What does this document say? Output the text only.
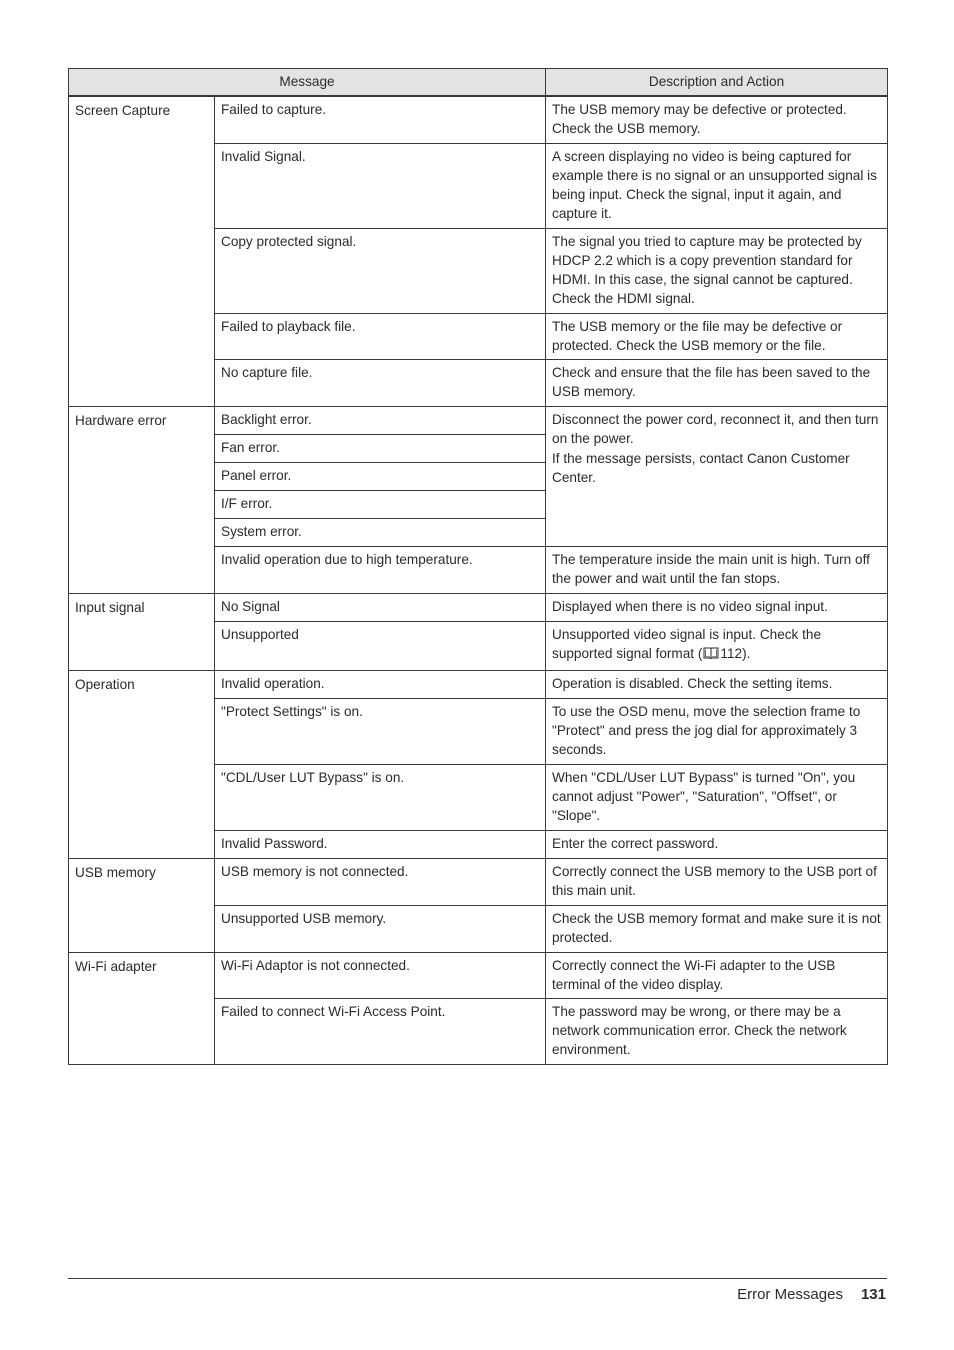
Message		Description and Action
Screen Capture	Failed to capture.	The USB memory may be defective or protected. Check the USB memory.
	Invalid Signal.	A screen displaying no video is being captured for example there is no signal or an unsupported signal is being input. Check the signal, input it again, and capture it.
	Copy protected signal.	The signal you tried to capture may be protected by HDCP 2.2 which is a copy prevention standard for HDMI. In this case, the signal cannot be captured. Check the HDMI signal.
	Failed to playback file.	The USB memory or the file may be defective or protected. Check the USB memory or the file.
	No capture file.	Check and ensure that the file has been saved to the USB memory.
Hardware error	Backlight error.	Disconnect the power cord, reconnect it, and then turn on the power.
If the message persists, contact Canon Customer Center.

	Fan error.	
	Panel error.	
	I/F error.	
	System error.	
	Invalid operation due to high temperature.	The temperature inside the main unit is high. Turn off the power and wait until the fan stops.
Input signal	No Signal	Displayed when there is no video signal input.
	Unsupported	Unsupported video signal is input. Check the supported signal format ( 112).
Operation	Invalid operation.	Operation is disabled. Check the setting items.
	"Protect Settings" is on.	To use the OSD menu, move the selection frame to "Protect" and press the jog dial for approximately 3 seconds.
	"CDL/User LUT Bypass" is on.	When "CDL/User LUT Bypass" is turned "On", you cannot adjust "Power", "Saturation", "Offset", or "Slope".
	Invalid Password.	Enter the correct password.
USB memory	USB memory is not connected.	Correctly connect the USB memory to the USB port of this main unit.
	Unsupported USB memory.	Check the USB memory format and make sure it is not protected.
Wi-Fi adapter	Wi-Fi Adaptor is not connected.	Correctly connect the Wi-Fi adapter to the USB terminal of the video display.
	Failed to connect Wi-Fi Access Point.	The password may be wrong, or there may be a network communication error. Check the network environment.
Error Messages 131
